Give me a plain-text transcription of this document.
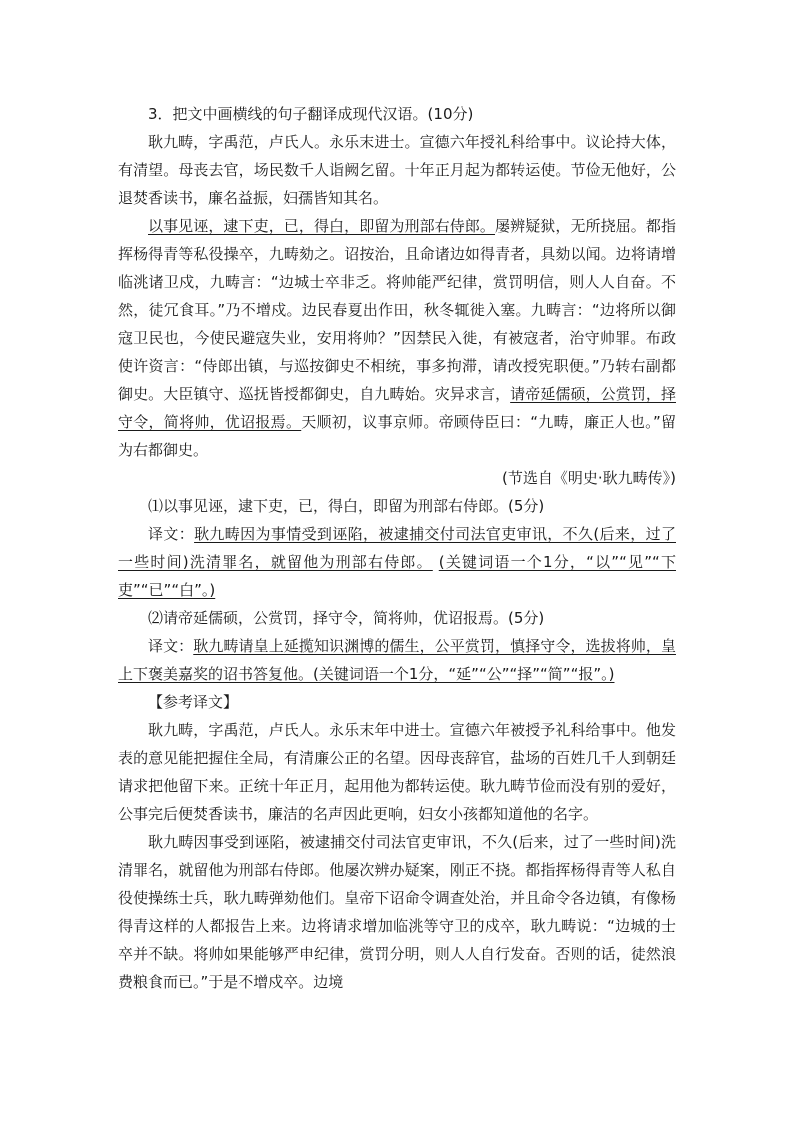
3．把文中画横线的句子翻译成现代汉语。(10分)

耿九畴，字禹范，卢氏人。永乐末进士。宣德六年授礼科给事中。议论持大体，有清望。母丧去官，场民数千人诣阙乞留。十年正月起为都转运使。节俭无他好，公退焚香读书，廉名益振，妇孺皆知其名。

以事见诬，逮下吏，已，得白，即留为刑部右侍郎。屡辨疑狱，无所挠屈。都指挥杨得青等私役操卒，九畴劾之。诏按治，且命诸边如得青者，具劾以闻。边将请增临洮诸卫戍，九畴言：“边城士卒非乏。将帅能严纪律，赏罚明信，则人人自奋。不然，徒冗食耳。”乃不增戍。边民春夏出作田，秋冬辄徙入塞。九畴言：“边将所以御寇卫民也，今使民避寇失业，安用将帅？”因禁民入徙，有被寇者，治守帅罪。布政使许资言：“侍郎出镇，与巡按御史不相统，事多拘滞，请改授宪职便。”乃转右副都御史。大臣镇守、巡抚皆授都御史，自九畴始。灾异求言，请帝延儒硕，公赏罚，择守令，简将帅，优诏报焉。天顺初，议事京师。帝顾侍臣曰：“九畴，廉正人也。”留为右都御史。

(节选自《明史·耿九畴传》)

⑴以事见诬，逮下吏，已，得白，即留为刑部右侍郎。(5分)

译文：耿九畴因为事情受到诬陷，被逮捕交付司法官吏审讯，不久(后来，过了一些时间)洗清罪名，就留他为刑部右侍郎。 (关键词语一个1分，“以”“见”“下吏”“已”“白”。)

⑵请帝延儒硕，公赏罚，择守令，简将帅，优诏报焉。(5分)

译文：耿九畴请皇上延揽知识渊博的儒生，公平赏罚，慎择守令，选拔将帅，皇上下褒美嘉奖的诏书答复他。(关键词语一个1分，“延”“公”“择”“简”“报”。)

【参考译文】

耿九畴，字禹范，卢氏人。永乐末年中进士。宣德六年被授予礼科给事中。他发表的意见能把握住全局，有清廉公正的名望。因母丧辞官，盐场的百姓几千人到朝廷请求把他留下来。正统十年正月，起用他为都转运使。耿九畴节俭而没有别的爱好，公事完后便焚香读书，廉洁的名声因此更响，妇女小孩都知道他的名字。

耿九畴因事受到诬陷，被逮捕交付司法官吏审讯，不久(后来，过了一些时间)洗清罪名，就留他为刑部右侍郎。他屡次辨办疑案，刚正不挠。都指挥杨得青等人私自役使操练士兵，耿九畴弹劾他们。皇帝下诏命令调查处治，并且命令各边镇，有像杨得青这样的人都报告上来。边将请求增加临洮等守卫的戍卒，耿九畴说：“边城的士卒并不缺。将帅如果能够严申纪律，赏罚分明，则人人自行发奋。否则的话，徒然浪费粮食而已。”于是不增戍卒。边境
